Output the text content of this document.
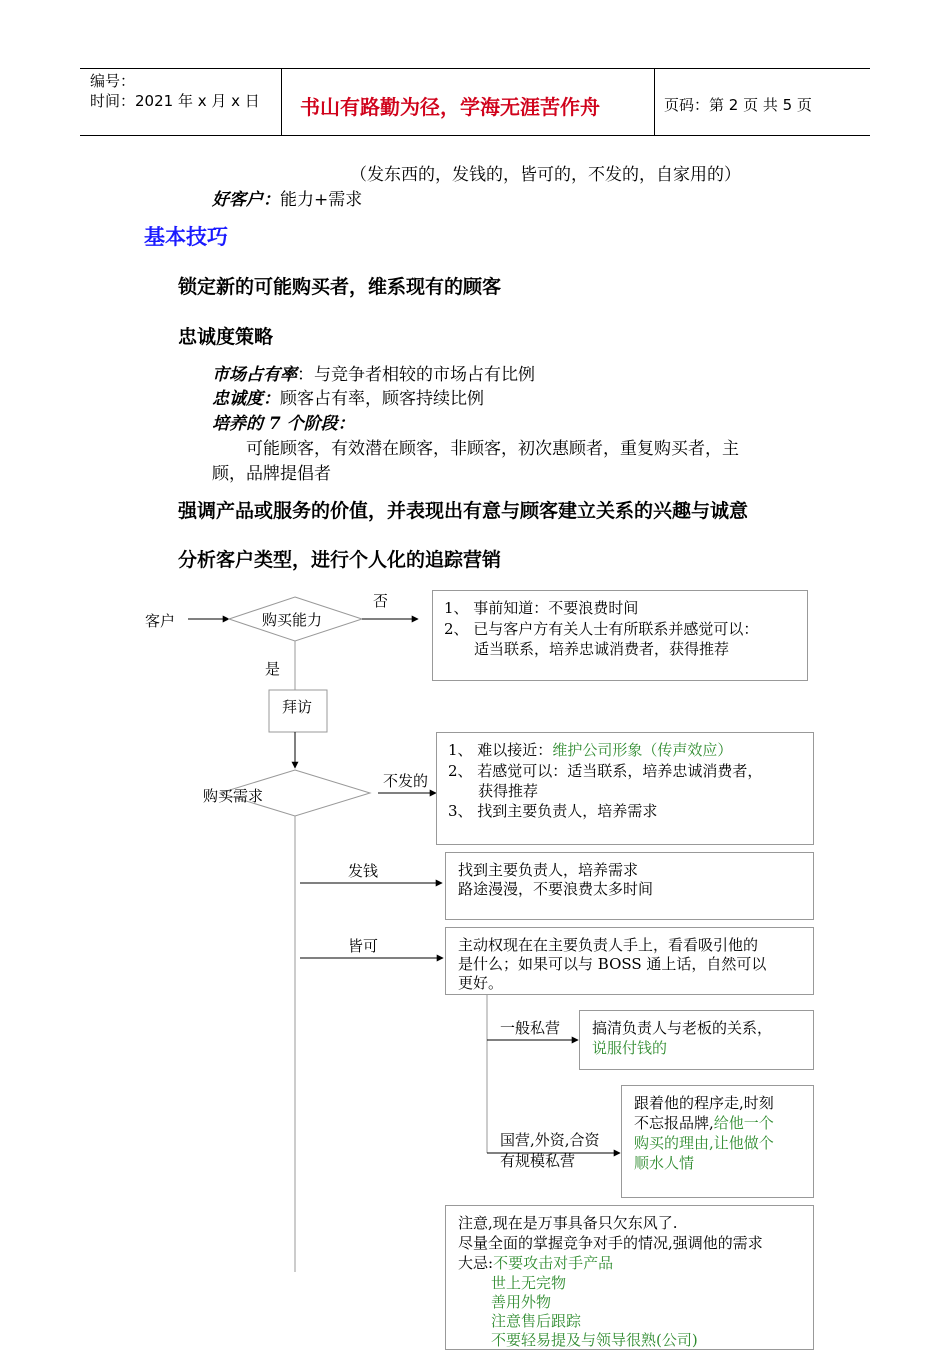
编号：
时间：2021 年 x 月 x 日 书山有路勤为径，学海无涯苦作舟	页码：第 2 页 共 5 页
（发东西的，发钱的，皆可的，不发的，自家用的）
好客户：能力+需求
基本技巧
锁定新的可能购买者，维系现有的顾客
忠诚度策略
市场占有率：与竞争者相较的市场占有比例
忠诚度：顾客占有率，顾客持续比例
培养的 7 个阶段：
可能顾客，有效潜在顾客，非顾客，初次惠顾者，重复购买者，主
顾，品牌提倡者
强调产品或服务的价值，并表现出有意与顾客建立关系的兴趣与诚意
分析客户类型，进行个人化的追踪营销
客户	购买能力
否
是
拜访
购买需求
不发的
发钱
皆可
一般私营
国营,外资,合资
有规模私营
1、 事前知道：不要浪费时间
2、 已与客户方有关人士有所联系并感觉可以：
适当联系，培养忠诚消费者，获得推荐
1、 难以接近：维护公司形象（传声效应）
2、 若感觉可以：适当联系，培养忠诚消费者，
获得推荐
3、 找到主要负责人，培养需求
找到主要负责人，培养需求
路途漫漫，不要浪费太多时间
主动权现在在主要负责人手上，看看吸引他的
是什么；如果可以与 BOSS 通上话，自然可以
更好。
搞清负责人与老板的关系，
说服付钱的
跟着他的程序走,时刻
不忘报品牌,给他一个
购买的理由,让他做个
顺水人情
注意,现在是万事具备只欠东风了.
尽量全面的掌握竞争对手的情况,强调他的需求
大忌:不要攻击对手产品
世上无完物
善用外物
注意售后跟踪
不要轻易提及与领导很熟(公司)
